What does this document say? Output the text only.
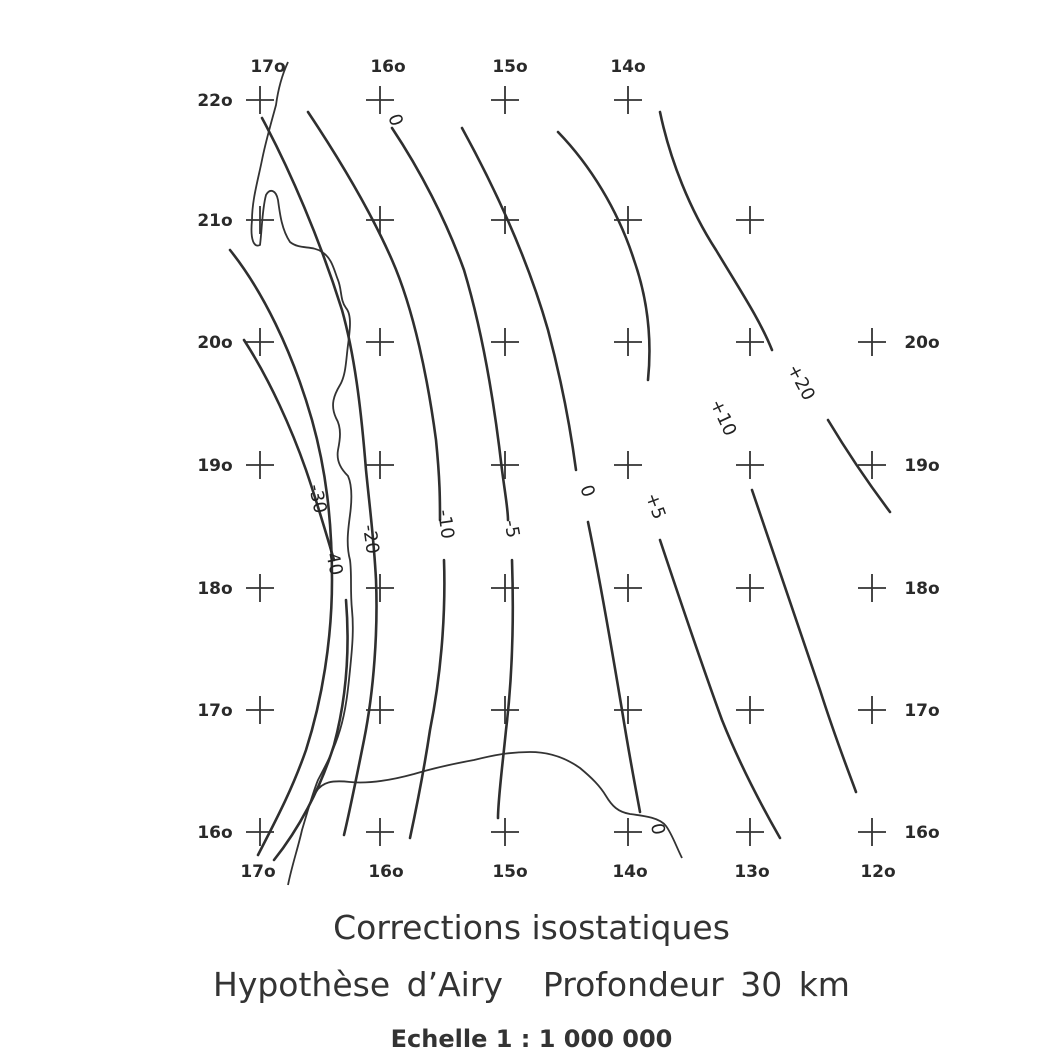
-40
-30
-20	-10 -5
0 +5
+10
+20
0
0
17o	16o	15o	14o
17o	16o	15o	14o	13o	12o
22o
21o
20o
19o
18o
17o
16o
20o
19o
18o
17o
16o
Corrections isostatiques
Hypothèse d’Airy Profondeur 30 km
Echelle 1 : 1 000 000
